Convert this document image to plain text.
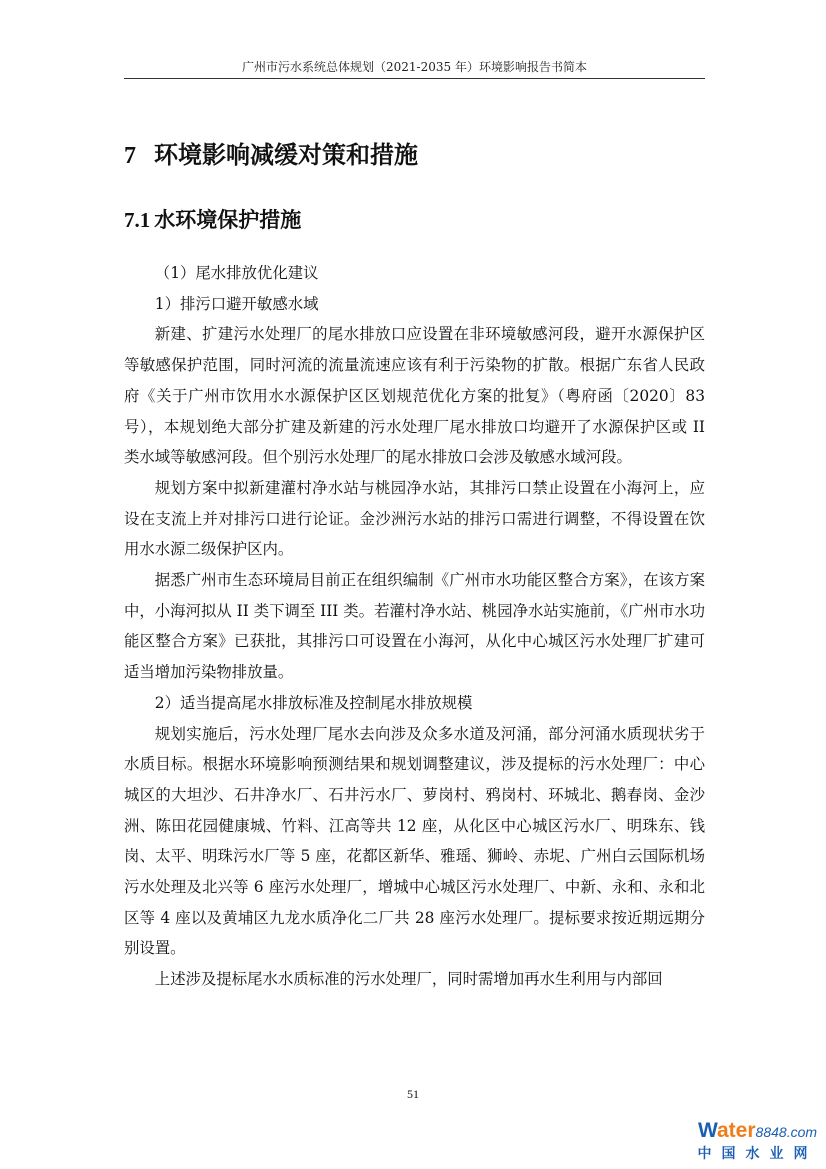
广州市污水系统总体规划（2021-2035 年）环境影响报告书简本
7 环境影响减缓对策和措施
7.1 水环境保护措施

（1）尾水排放优化建议

1）排污口避开敏感水域

新建、扩建污水处理厂的尾水排放口应设置在非环境敏感河段，避开水源保护区等敏感保护范围，同时河流的流量流速应该有利于污染物的扩散。根据广东省人民政府《关于广州市饮用水水源保护区区划规范优化方案的批复》（粤府函〔2020〕83 号），本规划绝大部分扩建及新建的污水处理厂尾水排放口均避开了水源保护区或 II 类水域等敏感河段。但个别污水处理厂的尾水排放口会涉及敏感水域河段。

规划方案中拟新建灌村净水站与桃园净水站，其排污口禁止设置在小海河上，应设在支流上并对排污口进行论证。金沙洲污水站的排污口需进行调整，不得设置在饮用水水源二级保护区内。

据悉广州市生态环境局目前正在组织编制《广州市水功能区整合方案》，在该方案中，小海河拟从 II 类下调至 III 类。若灌村净水站、桃园净水站实施前，《广州市水功能区整合方案》已获批，其排污口可设置在小海河，从化中心城区污水处理厂扩建可适当增加污染物排放量。

2）适当提高尾水排放标准及控制尾水排放规模

规划实施后，污水处理厂尾水去向涉及众多水道及河涌，部分河涌水质现状劣于水质目标。根据水环境影响预测结果和规划调整建议，涉及提标的污水处理厂：中心城区的大坦沙、石井净水厂、石井污水厂、萝岗村、鸦岗村、环城北、鹅春岗、金沙洲、陈田花园健康城、竹料、江高等共 12 座，从化区中心城区污水厂、明珠东、钱岗、太平、明珠污水厂等 5 座，花都区新华、雅瑶、狮岭、赤坭、广州白云国际机场污水处理及北兴等 6 座污水处理厂，增城中心城区污水处理厂、中新、永和、永和北区等 4 座以及黄埔区九龙水质净化二厂共 28 座污水处理厂。提标要求按近期远期分别设置。

上述涉及提标尾水水质标准的污水处理厂，同时需增加再水生利用与内部回

51
Water8848.com
中国水业网
